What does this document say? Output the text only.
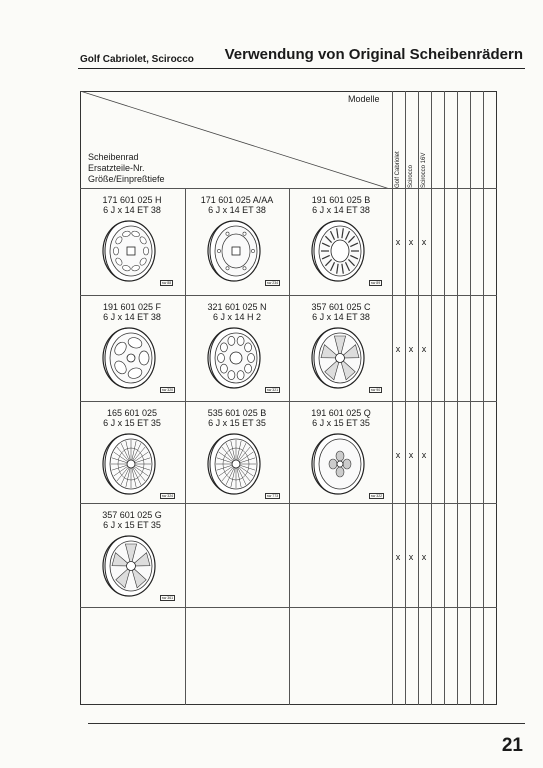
Golf Cabriolet, Scirocco Verwendung von Original Scheibenrädern
Modelle
Scheibenrad
Ersatzteile-Nr.
Größe/Einpreßtiefe	Golf Cabriolet Scirocco Scirocco 16V
171 601 025 H
6 J x 14 ET 38
sw 88
171 601 025 A/AA
6 J x 14 ET 38
sw 234
191 601 025 B
6 J x 14 ET 38
sw 89
x x x
191 601 025 F
6 J x 14 ET 38
sw 320
321 601 025 N
6 J x 14 H 2
sw 321
357 601 025 C
6 J x 14 ET 38
sw 90
x x x
165 601 025
6 J x 15 ET 35
sw 324
535 601 025 B
6 J x 15 ET 35
sw 773
191 601 025 Q
6 J x 15 ET 35
sw 322
x x x
357 601 025 G
6 J x 15 ET 35
sw 361
x x x
21
